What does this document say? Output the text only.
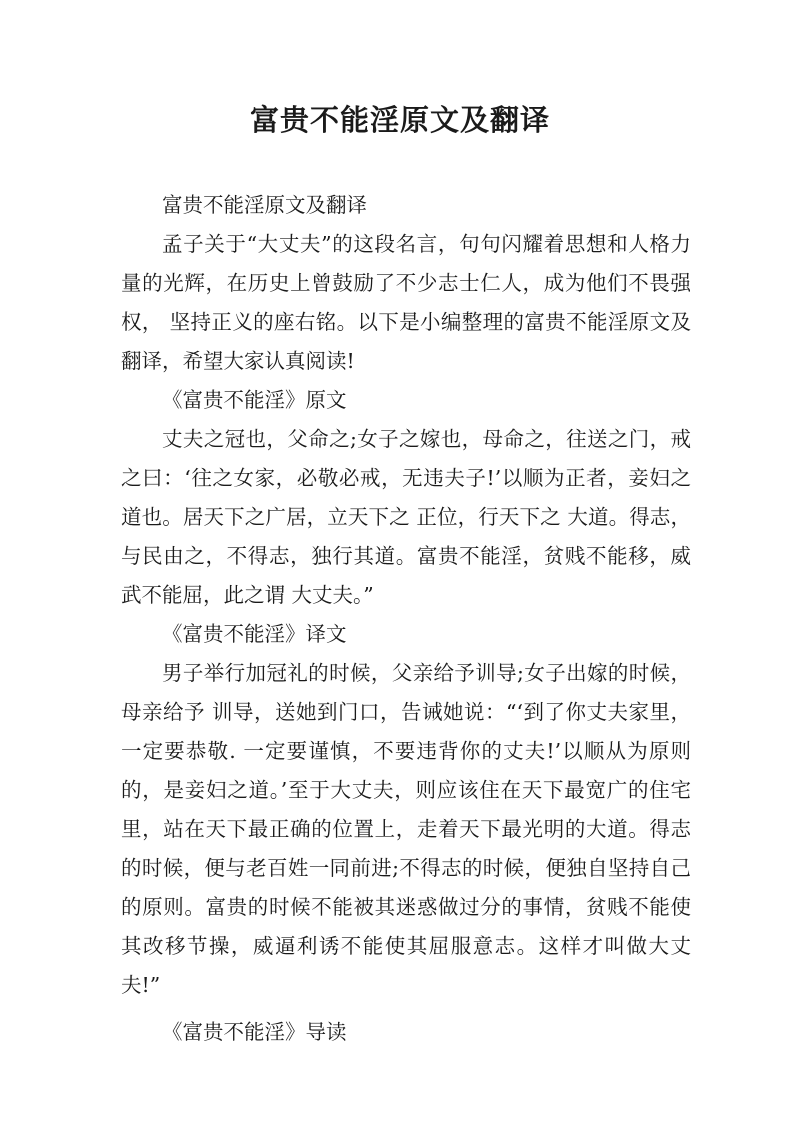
富贵不能淫原文及翻译

富贵不能淫原文及翻译

孟子关于“大丈夫”的这段名言，句句闪耀着思想和人格力量的光辉，在历史上曾鼓励了不少志士仁人，成为他们不畏强权， 坚持正义的座右铭。以下是小编整理的富贵不能淫原文及翻译，希望大家认真阅读!

《富贵不能淫》原文

丈夫之冠也，父命之;女子之嫁也，母命之，往送之门，戒之曰：‘往之女家，必敬必戒，无违夫子!’以顺为正者，妾妇之道也。居天下之广居，立天下之 正位，行天下之 大道。得志，与民由之，不得志，独行其道。富贵不能淫，贫贱不能移，威武不能屈，此之谓 大丈夫。”

《富贵不能淫》译文

男子举行加冠礼的时候，父亲给予训导;女子出嫁的时候，母亲给予 训导，送她到门口，告诫她说：“‘到了你丈夫家里，一定要恭敬. 一定要谨慎，不要违背你的丈夫!’以顺从为原则的，是妾妇之道。’至于大丈夫，则应该住在天下最宽广的住宅里，站在天下最正确的位置上，走着天下最光明的大道。得志的时候，便与老百姓一同前进;不得志的时候，便独自坚持自己的原则。富贵的时候不能被其迷惑做过分的事情，贫贱不能使其改移节操，威逼利诱不能使其屈服意志。这样才叫做大丈夫!”

《富贵不能淫》导读
